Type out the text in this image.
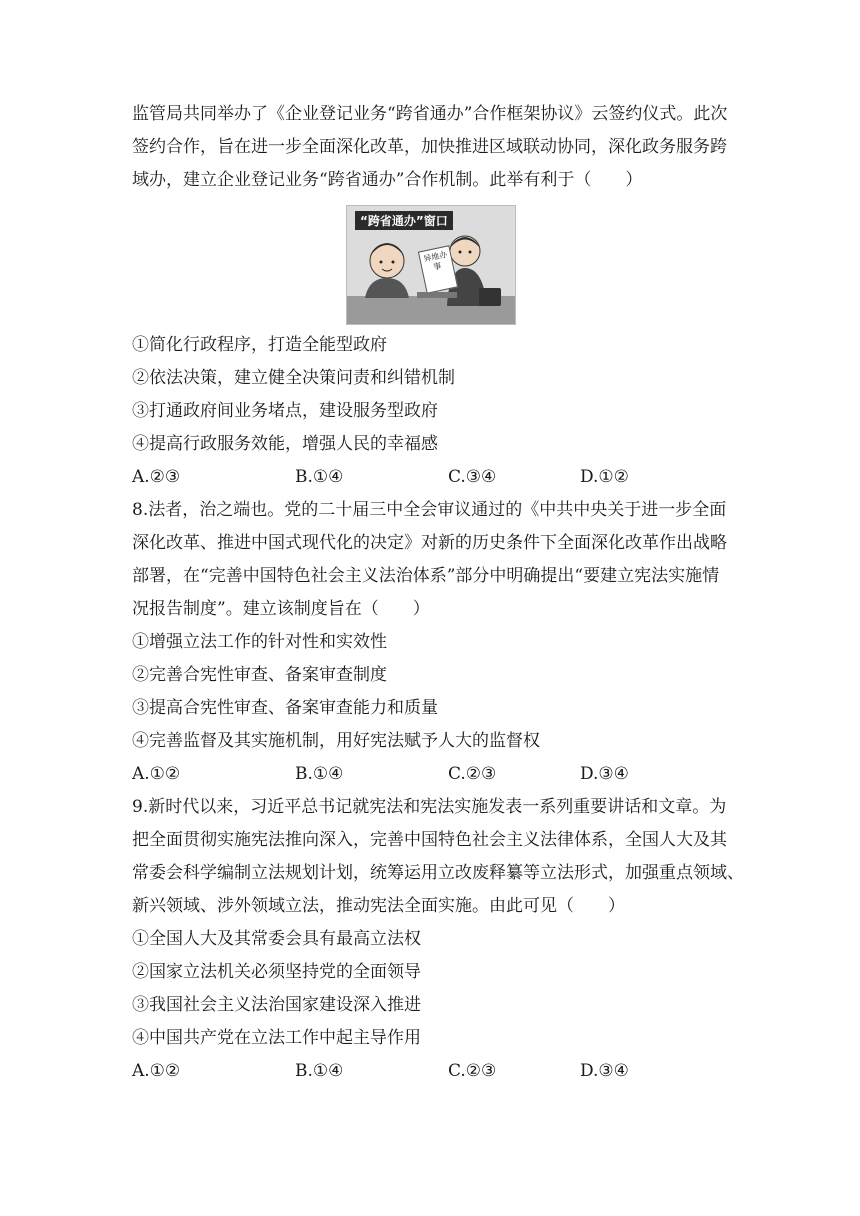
监管局共同举办了《企业登记业务“跨省通办”合作框架协议》云签约仪式。此次
签约合作，旨在进一步全面深化改革，加快推进区域联动协同，深化政务服务跨
域办，建立企业登记业务“跨省通办”合作机制。此举有利于（　　）
“跨省通办”窗口
异地办事
①简化行政程序，打造全能型政府
②依法决策，建立健全决策问责和纠错机制
③打通政府间业务堵点，建设服务型政府
④提高行政服务效能，增强人民的幸福感
A.②③	B.①④	C.③④	D.①②
8.法者，治之端也。党的二十届三中全会审议通过的《中共中央关于进一步全面
深化改革、推进中国式现代化的决定》对新的历史条件下全面深化改革作出战略
部署，在“完善中国特色社会主义法治体系”部分中明确提出“要建立宪法实施情
况报告制度”。建立该制度旨在（　　）
①增强立法工作的针对性和实效性
②完善合宪性审查、备案审查制度
③提高合宪性审查、备案审查能力和质量
④完善监督及其实施机制，用好宪法赋予人大的监督权
A.①②	B.①④	C.②③	D.③④
9.新时代以来，习近平总书记就宪法和宪法实施发表一系列重要讲话和文章。为
把全面贯彻实施宪法推向深入，完善中国特色社会主义法律体系，全国人大及其
常委会科学编制立法规划计划，统筹运用立改废释纂等立法形式，加强重点领域、
新兴领域、涉外领域立法，推动宪法全面实施。由此可见（　　）
①全国人大及其常委会具有最高立法权
②国家立法机关必须坚持党的全面领导
③我国社会主义法治国家建设深入推进
④中国共产党在立法工作中起主导作用
A.①②	B.①④	C.②③	D.③④
